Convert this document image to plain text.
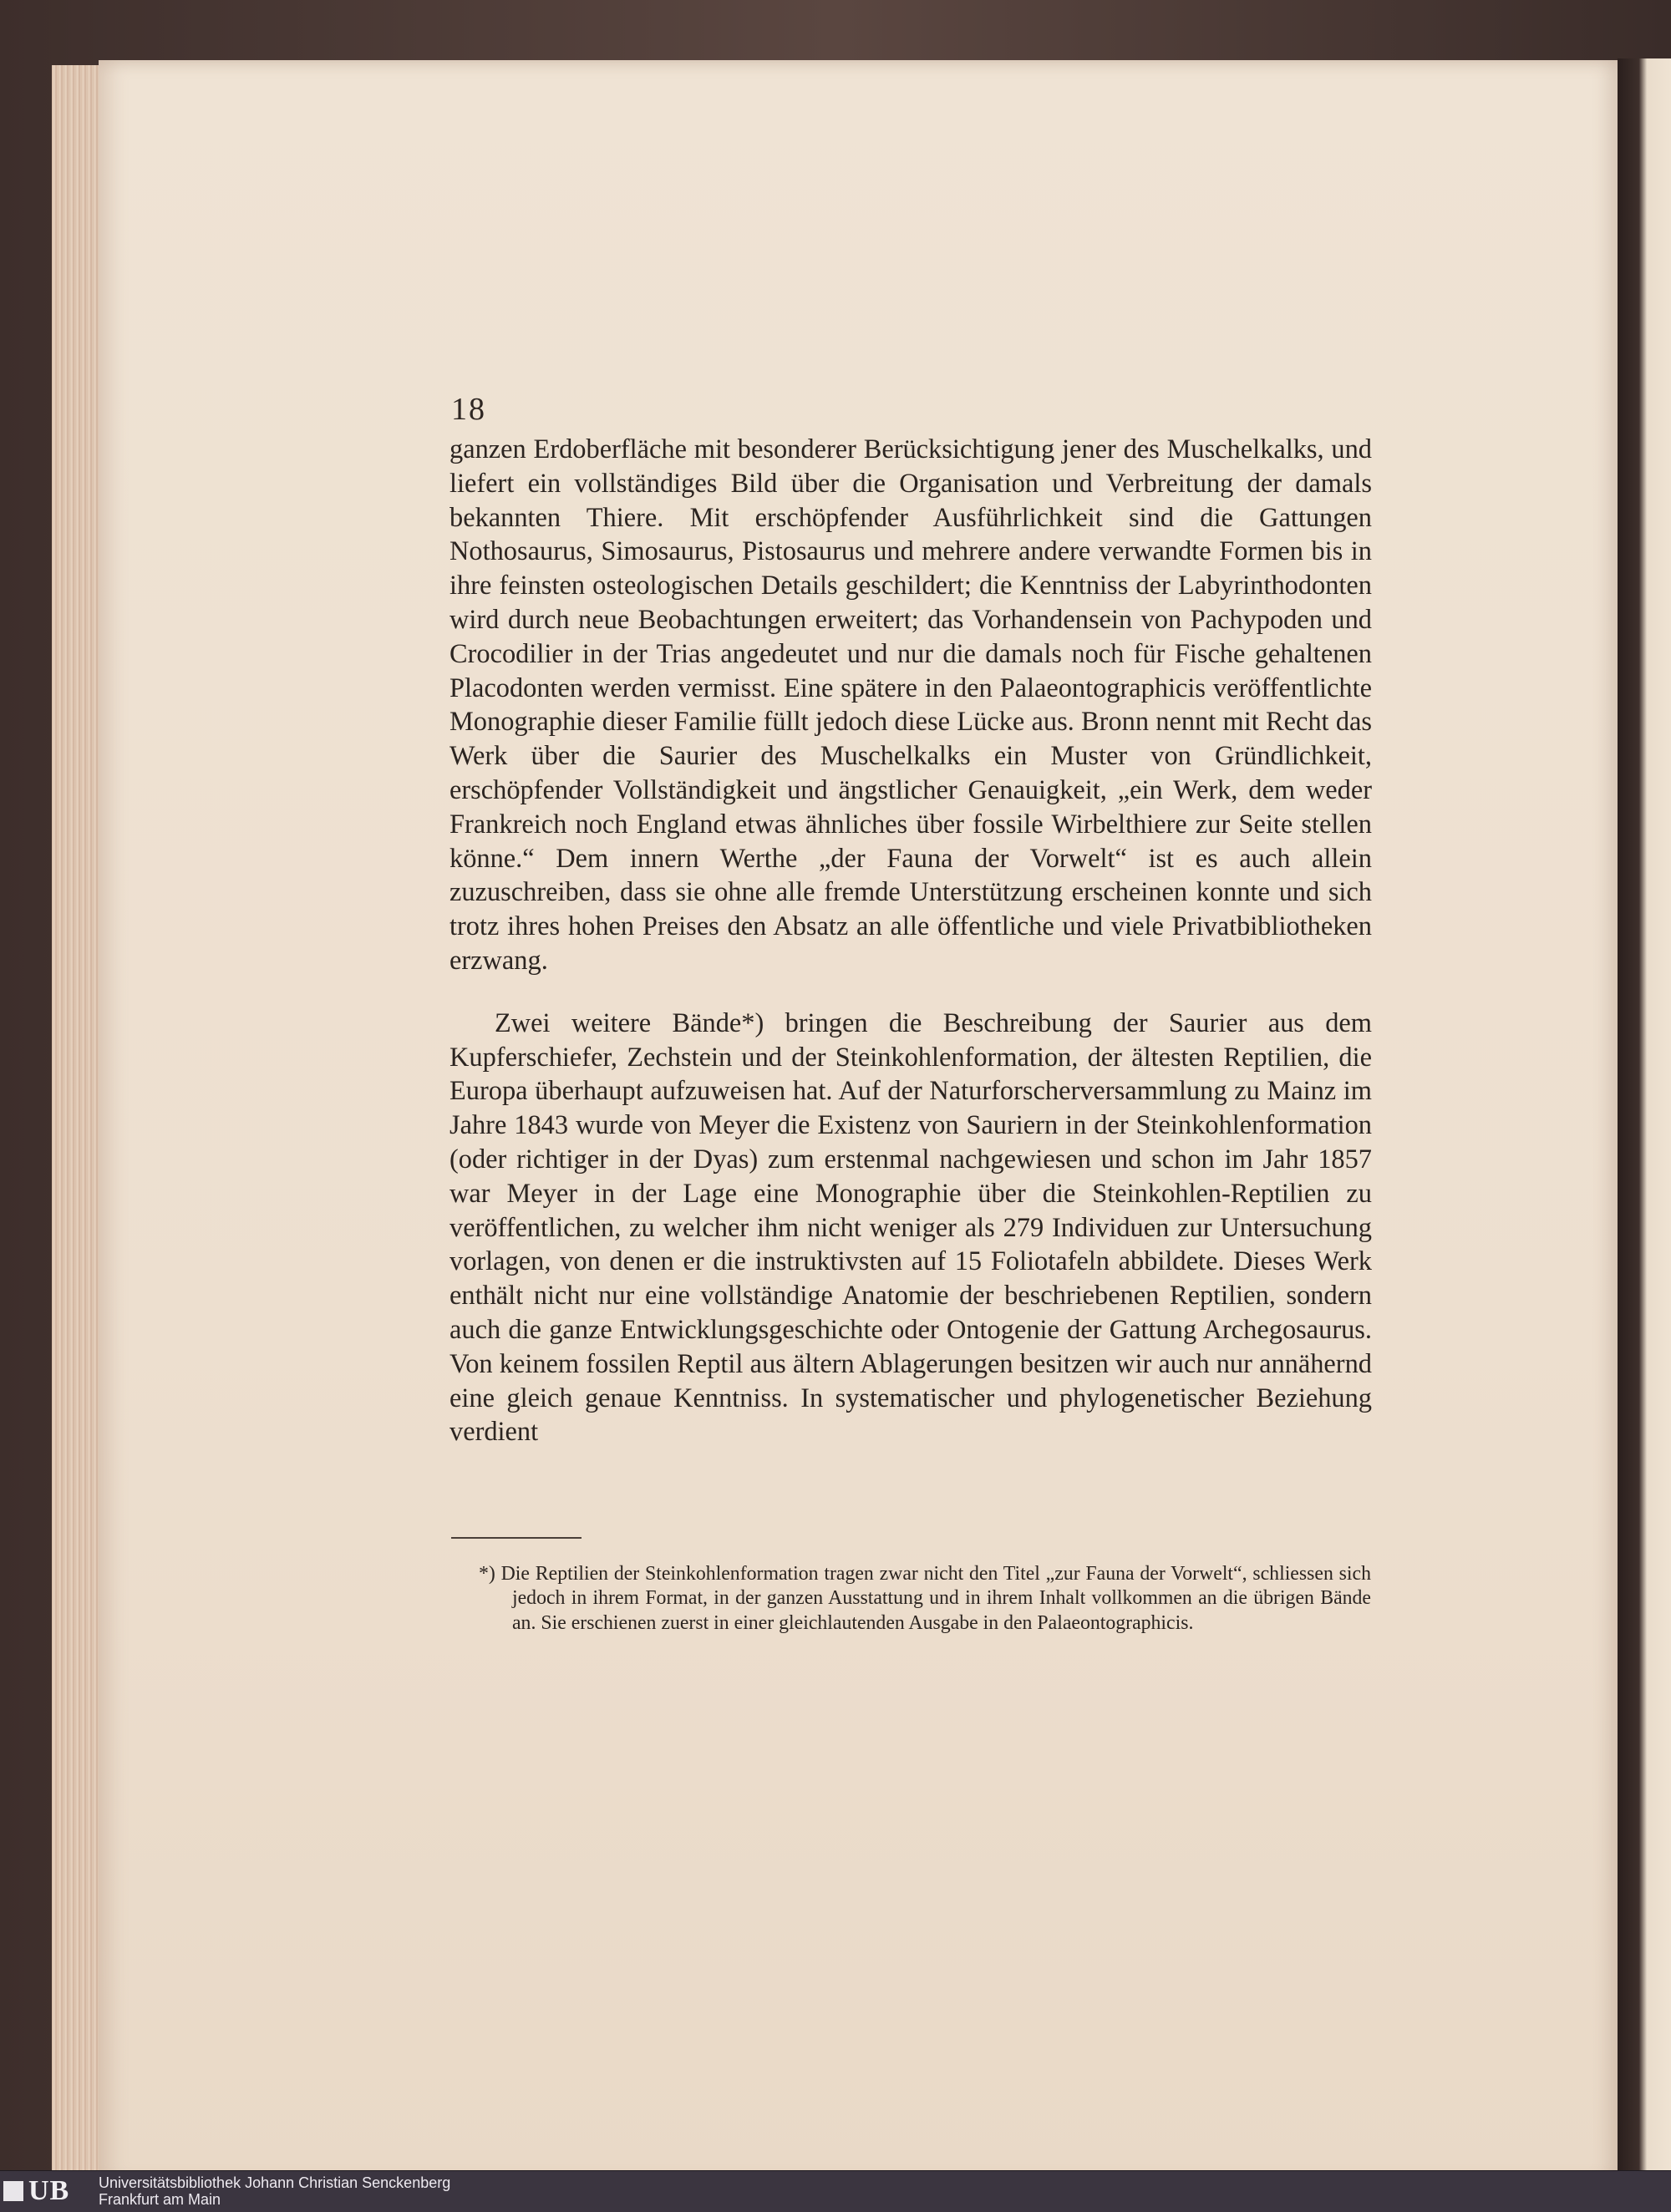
18

ganzen Erdoberfläche mit besonderer Berücksichtigung jener des Muschelkalks, und liefert ein vollständiges Bild über die Organisation und Verbreitung der damals bekannten Thiere. Mit erschöpfender Ausführlichkeit sind die Gattungen Nothosaurus, Simosaurus, Pistosaurus und mehrere andere verwandte Formen bis in ihre feinsten osteologischen Details geschildert; die Kenntniss der Labyrinthodonten wird durch neue Beobachtungen erweitert; das Vorhandensein von Pachypoden und Crocodilier in der Trias angedeutet und nur die damals noch für Fische gehaltenen Placodonten werden vermisst. Eine spätere in den Palaeontographicis veröffentlichte Monographie dieser Familie füllt jedoch diese Lücke aus. Bronn nennt mit Recht das Werk über die Saurier des Muschelkalks ein Muster von Gründlichkeit, erschöpfender Vollständigkeit und ängstlicher Genauigkeit, „ein Werk, dem weder Frankreich noch England etwas ähnliches über fossile Wirbelthiere zur Seite stellen könne.“ Dem innern Werthe „der Fauna der Vorwelt“ ist es auch allein zuzuschreiben, dass sie ohne alle fremde Unterstützung erscheinen konnte und sich trotz ihres hohen Preises den Absatz an alle öffentliche und viele Privatbibliotheken erzwang.

Zwei weitere Bände*) bringen die Beschreibung der Saurier aus dem Kupferschiefer, Zechstein und der Steinkohlenformation, der ältesten Reptilien, die Europa überhaupt aufzuweisen hat. Auf der Naturforscherversammlung zu Mainz im Jahre 1843 wurde von Meyer die Existenz von Sauriern in der Steinkohlenformation (oder richtiger in der Dyas) zum erstenmal nachgewiesen und schon im Jahr 1857 war Meyer in der Lage eine Monographie über die Steinkohlen-Reptilien zu veröffentlichen, zu welcher ihm nicht weniger als 279 Individuen zur Untersuchung vorlagen, von denen er die instruktivsten auf 15 Foliotafeln abbildete. Dieses Werk enthält nicht nur eine vollständige Anatomie der beschriebenen Reptilien, sondern auch die ganze Entwicklungsgeschichte oder Ontogenie der Gattung Archegosaurus. Von keinem fossilen Reptil aus ältern Ablagerungen besitzen wir auch nur annähernd eine gleich genaue Kenntniss. In systematischer und phylogenetischer Beziehung verdient

*) Die Reptilien der Steinkohlenformation tragen zwar nicht den Titel „zur Fauna der Vorwelt“, schliessen sich jedoch in ihrem Format, in der ganzen Ausstattung und in ihrem Inhalt vollkommen an die übrigen Bände an. Sie erschienen zuerst in einer gleichlautenden Ausgabe in den Palaeontographicis.
UB Universitätsbibliothek Johann Christian Senckenberg
Frankfurt am Main
